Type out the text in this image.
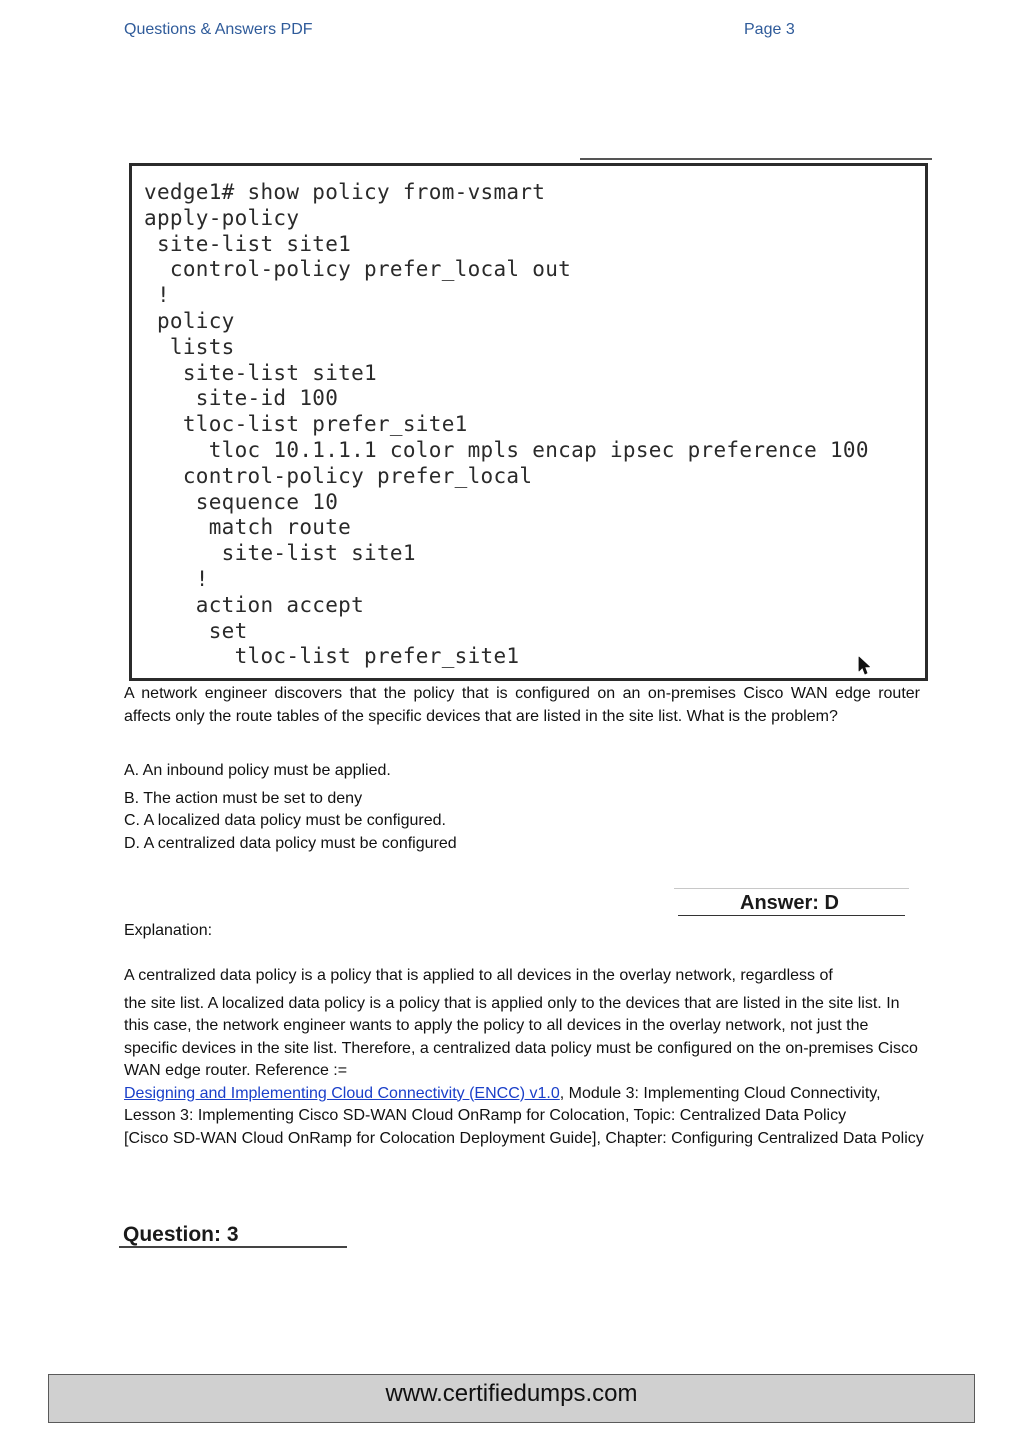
Questions & Answers PDF	Page 3
vedge1# show policy from-vsmart
apply-policy
site-list site1
control-policy prefer_local out
!
policy
lists
site-list site1
site-id 100
tloc-list prefer_site1
tloc 10.1.1.1 color mpls encap ipsec preference 100
control-policy prefer_local
sequence 10
match route
site-list site1
!
action accept
set
tloc-list prefer_site1

A network engineer discovers that the policy that is configured on an on-premises Cisco WAN edge router affects only the route tables of the specific devices that are listed in the site list. What is the problem?

A. An inbound policy must be applied.

B. The action must be set to deny

C. A localized data policy must be configured.

D. A centralized data policy must be configured

Answer: D
Explanation:

A centralized data policy is a policy that is applied to all devices in the overlay network, regardless of
the site list. A localized data policy is a policy that is applied only to the devices that are listed in the site list. In this case, the network engineer wants to apply the policy to all devices in the overlay network, not just the specific devices in the site list. Therefore, a centralized data policy must be configured on the on-premises Cisco WAN edge router. Reference :=
Designing and Implementing Cloud Connectivity (ENCC) v1.0, Module 3: Implementing Cloud Connectivity, Lesson 3: Implementing Cisco SD-WAN Cloud OnRamp for Colocation, Topic: Centralized Data Policy
[Cisco SD-WAN Cloud OnRamp for Colocation Deployment Guide], Chapter: Configuring Centralized Data Policy

Question: 3
www.certifiedumps.com
